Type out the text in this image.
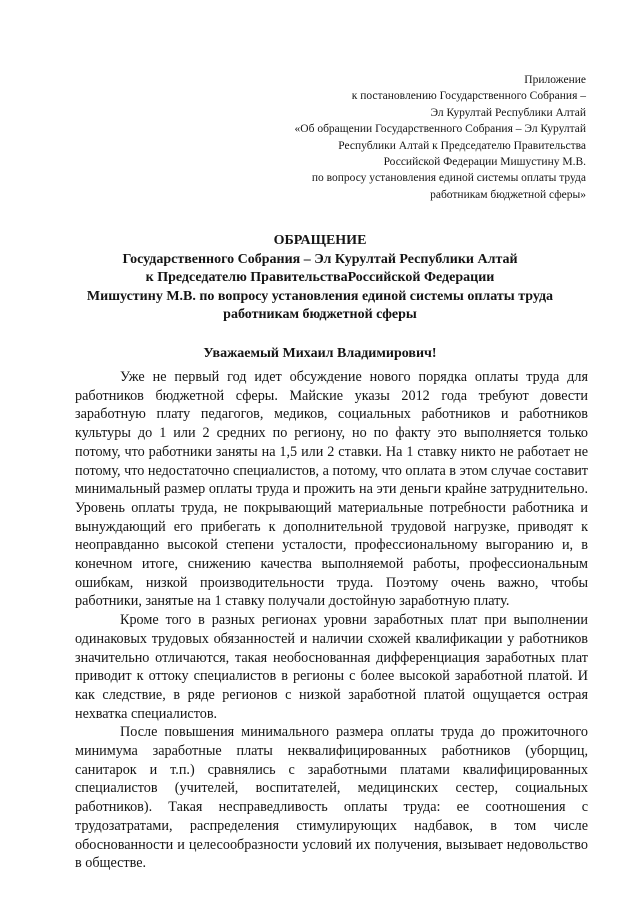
Приложение
к постановлению Государственного Собрания –
Эл Курултай Республики Алтай
«Об обращении Государственного Собрания – Эл Курултай
Республики Алтай к Председателю Правительства
Российской Федерации Мишустину М.В.
по вопросу установления единой системы оплаты труда
работникам бюджетной сферы»
ОБРАЩЕНИЕ
Государственного Собрания – Эл Курултай Республики Алтай
к Председателю ПравительстваРоссийской Федерации
Мишустину М.В. по вопросу установления единой системы оплаты труда
работникам бюджетной сферы
Уважаемый Михаил Владимирович!

Уже не первый год идет обсуждение нового порядка оплаты труда для работников бюджетной сферы. Майские указы 2012 года требуют довести заработную плату педагогов, медиков, социальных работников и работников культуры до 1 или 2 средних по региону, но по факту это выполняется только потому, что работники заняты на 1,5 или 2 ставки. На 1 ставку никто не работает не потому, что недостаточно специалистов, а потому, что оплата в этом случае составит минимальный размер оплаты труда и прожить на эти деньги крайне затруднительно. Уровень оплаты труда, не покрывающий материальные потребности работника и вынуждающий его прибегать к дополнительной трудовой нагрузке, приводят к неоправданно высокой степени усталости, профессиональному выгоранию и, в конечном итоге, снижению качества выполняемой работы, профессиональным ошибкам, низкой производительности труда. Поэтому очень важно, чтобы работники, занятые на 1 ставку получали достойную заработную плату.

Кроме того в разных регионах уровни заработных плат при выполнении одинаковых трудовых обязанностей и наличии схожей квалификации у работников значительно отличаются, такая необоснованная дифференциация заработных плат приводит к оттоку специалистов в регионы с более высокой заработной платой. И как следствие, в ряде регионов с низкой заработной платой ощущается острая нехватка специалистов.

После повышения минимального размера оплаты труда до прожиточного минимума заработные платы неквалифицированных работников (уборщиц, санитарок и т.п.) сравнялись с заработными платами квалифицированных специалистов (учителей, воспитателей, медицинских сестер, социальных работников). Такая несправедливость оплаты труда: ее соотношения с трудозатратами, распределения стимулирующих надбавок, в том числе обоснованности и целесообразности условий их получения, вызывает недовольство в обществе.
